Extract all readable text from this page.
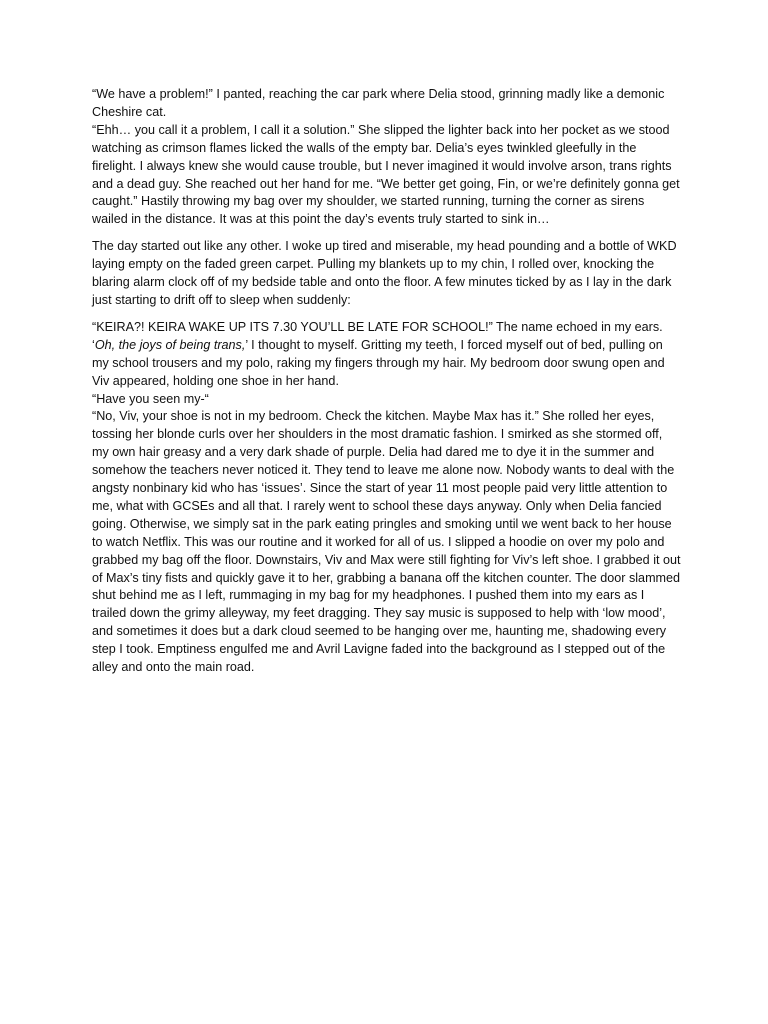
“We have a problem!” I panted, reaching the car park where Delia stood, grinning madly like a demonic Cheshire cat.

“Ehh… you call it a problem, I call it a solution.” She slipped the lighter back into her pocket as we stood watching as crimson flames licked the walls of the empty bar. Delia’s eyes twinkled gleefully in the firelight. I always knew she would cause trouble, but I never imagined it would involve arson, trans rights and a dead guy. She reached out her hand for me. “We better get going, Fin, or we’re definitely gonna get caught.” Hastily throwing my bag over my shoulder, we started running, turning the corner as sirens wailed in the distance. It was at this point the day’s events truly started to sink in…

The day started out like any other. I woke up tired and miserable, my head pounding and a bottle of WKD laying empty on the faded green carpet. Pulling my blankets up to my chin, I rolled over, knocking the blaring alarm clock off of my bedside table and onto the floor. A few minutes ticked by as I lay in the dark just starting to drift off to sleep when suddenly:

“KEIRA?! KEIRA WAKE UP ITS 7.30 YOU’LL BE LATE FOR SCHOOL!” The name echoed in my ears. ‘Oh, the joys of being trans,’ I thought to myself. Gritting my teeth, I forced myself out of bed, pulling on my school trousers and my polo, raking my fingers through my hair. My bedroom door swung open and Viv appeared, holding one shoe in her hand.

“Have you seen my-“

“No, Viv, your shoe is not in my bedroom. Check the kitchen. Maybe Max has it.” She rolled her eyes, tossing her blonde curls over her shoulders in the most dramatic fashion. I smirked as she stormed off, my own hair greasy and a very dark shade of purple. Delia had dared me to dye it in the summer and somehow the teachers never noticed it. They tend to leave me alone now. Nobody wants to deal with the angsty nonbinary kid who has ‘issues’. Since the start of year 11 most people paid very little attention to me, what with GCSEs and all that. I rarely went to school these days anyway. Only when Delia fancied going. Otherwise, we simply sat in the park eating pringles and smoking until we went back to her house to watch Netflix. This was our routine and it worked for all of us. I slipped a hoodie on over my polo and grabbed my bag off the floor. Downstairs, Viv and Max were still fighting for Viv’s left shoe. I grabbed it out of Max’s tiny fists and quickly gave it to her, grabbing a banana off the kitchen counter. The door slammed shut behind me as I left, rummaging in my bag for my headphones. I pushed them into my ears as I trailed down the grimy alleyway, my feet dragging. They say music is supposed to help with ‘low mood’, and sometimes it does but a dark cloud seemed to be hanging over me, haunting me, shadowing every step I took. Emptiness engulfed me and Avril Lavigne faded into the background as I stepped out of the alley and onto the main road.
